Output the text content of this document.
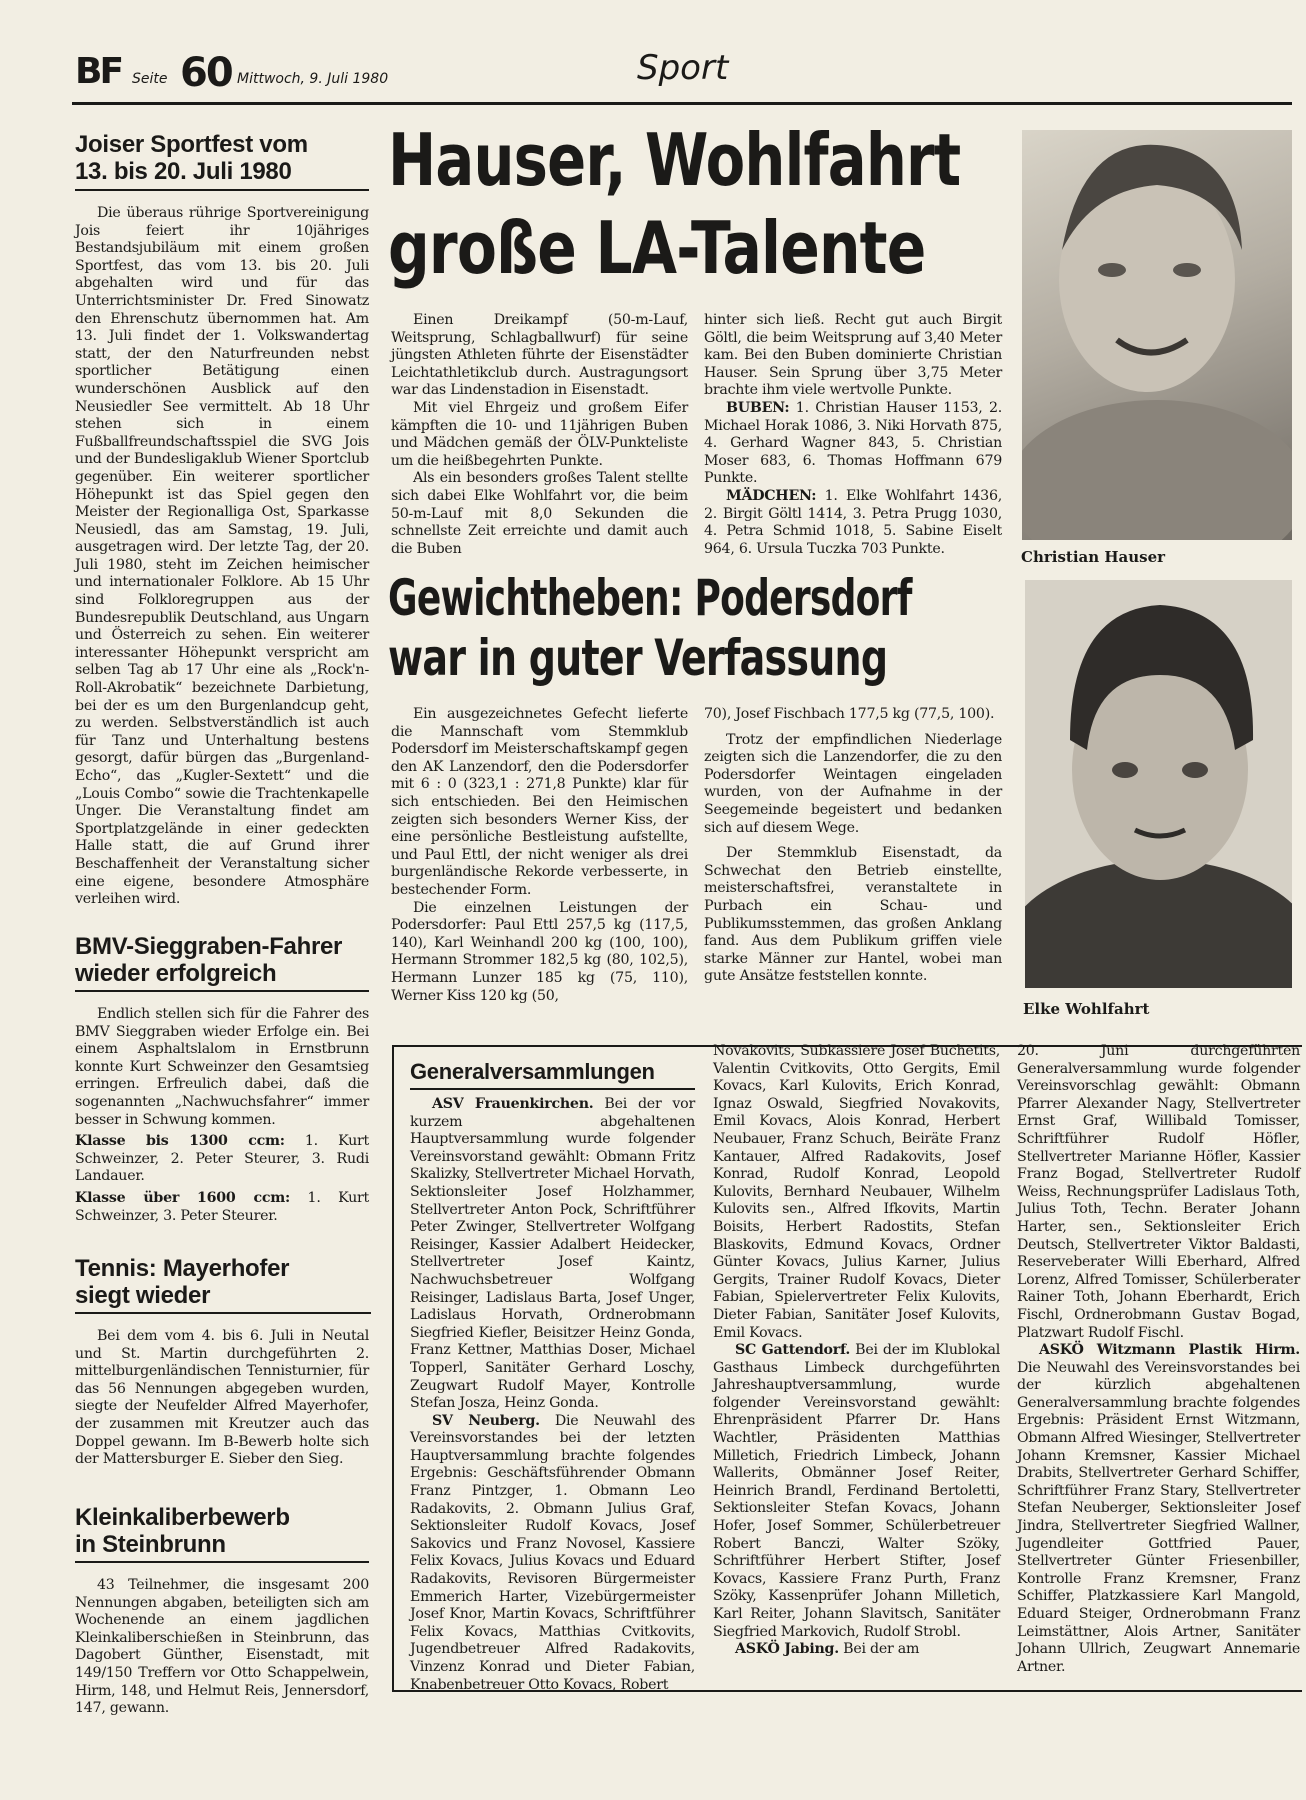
BF Seite 60 Mittwoch, 9. Juli 1980	Sport

Joiser Sportfest vom

13. bis 20. Juli 1980

Die überaus rührige Sportvereinigung Jois feiert ihr 10jähriges Bestandsjubiläum mit einem großen Sportfest, das vom 13. bis 20. Juli abgehalten wird und für das Unterrichtsminister Dr. Fred Sinowatz den Ehrenschutz übernommen hat. Am 13. Juli findet der 1. Volkswandertag statt, der den Naturfreunden nebst sportlicher Betätigung einen wunderschönen Ausblick auf den Neusiedler See vermittelt. Ab 18 Uhr stehen sich in einem Fußballfreundschaftsspiel die SVG Jois und der Bundesligaklub Wiener Sportclub gegenüber. Ein weiterer sportlicher Höhepunkt ist das Spiel gegen den Meister der Regionalliga Ost, Sparkasse Neusiedl, das am Samstag, 19. Juli, ausgetragen wird. Der letzte Tag, der 20. Juli 1980, steht im Zeichen heimischer und internationaler Folklore. Ab 15 Uhr sind Folkloregruppen aus der Bundesrepublik Deutschland, aus Ungarn und Österreich zu sehen. Ein weiterer interessanter Höhepunkt verspricht am selben Tag ab 17 Uhr eine als „Rock'n-Roll-Akrobatik“ bezeichnete Darbietung, bei der es um den Burgenlandcup geht, zu werden. Selbstverständlich ist auch für Tanz und Unterhaltung bestens gesorgt, dafür bürgen das „Burgenland-Echo“, das „Kugler-Sextett“ und die „Louis Combo“ sowie die Trachtenkapelle Unger. Die Veranstaltung findet am Sportplatzgelände in einer gedeckten Halle statt, die auf Grund ihrer Beschaffenheit der Veranstaltung sicher eine eigene, besondere Atmosphäre verleihen wird.

BMV-Sieggraben-Fahrer

wieder erfolgreich

Endlich stellen sich für die Fahrer des BMV Sieggraben wieder Erfolge ein. Bei einem Asphaltslalom in Ernstbrunn konnte Kurt Schweinzer den Gesamtsieg erringen. Erfreulich dabei, daß die sogenannten „Nachwuchsfahrer“ immer besser in Schwung kommen.

Klasse bis 1300 ccm: 1. Kurt Schweinzer, 2. Peter Steurer, 3. Rudi Landauer.

Klasse über 1600 ccm: 1. Kurt Schweinzer, 3. Peter Steurer.

Tennis: Mayerhofer

siegt wieder

Bei dem vom 4. bis 6. Juli in Neutal und St. Martin durchgeführten 2. mittelburgenländischen Tennisturnier, für das 56 Nennungen abgegeben wurden, siegte der Neufelder Alfred Mayerhofer, der zusammen mit Kreutzer auch das Doppel gewann. Im B-Bewerb holte sich der Mattersburger E. Sieber den Sieg.

Kleinkaliberbewerb

in Steinbrunn

43 Teilnehmer, die insgesamt 200 Nennungen abgaben, beteiligten sich am Wochenende an einem jagdlichen Kleinkaliberschießen in Steinbrunn, das Dagobert Günther, Eisenstadt, mit 149/150 Treffern vor Otto Schappelwein, Hirm, 148, und Helmut Reis, Jennersdorf, 147, gewann.

Hauser, Wohlfahrt

große LA-Talente

Einen Dreikampf (50-m-Lauf, Weitsprung, Schlagballwurf) für seine jüngsten Athleten führte der Eisenstädter Leichtathletikclub durch. Austragungsort war das Lindenstadion in Eisenstadt.

Mit viel Ehrgeiz und großem Eifer kämpften die 10- und 11jährigen Buben und Mädchen gemäß der ÖLV-Punkteliste um die heißbegehrten Punkte.

Als ein besonders großes Talent stellte sich dabei Elke Wohlfahrt vor, die beim 50-m-Lauf mit 8,0 Sekunden die schnellste Zeit erreichte und damit auch die Buben

hinter sich ließ. Recht gut auch Birgit Göltl, die beim Weitsprung auf 3,40 Meter kam. Bei den Buben dominierte Christian Hauser. Sein Sprung über 3,75 Meter brachte ihm viele wertvolle Punkte.

BUBEN: 1. Christian Hauser 1153, 2. Michael Horak 1086, 3. Niki Horvath 875, 4. Gerhard Wagner 843, 5. Christian Moser 683, 6. Thomas Hoffmann 679 Punkte.

MÄDCHEN: 1. Elke Wohlfahrt 1436, 2. Birgit Göltl 1414, 3. Petra Prugg 1030, 4. Petra Schmid 1018, 5. Sabine Eiselt 964, 6. Ursula Tuczka 703 Punkte.

Gewichtheben: Podersdorf

war in guter Verfassung

Ein ausgezeichnetes Gefecht lieferte die Mannschaft vom Stemmklub Podersdorf im Meisterschaftskampf gegen den AK Lanzendorf, den die Podersdorfer mit 6 : 0 (323,1 : 271,8 Punkte) klar für sich entschieden. Bei den Heimischen zeigten sich besonders Werner Kiss, der eine persönliche Bestleistung aufstellte, und Paul Ettl, der nicht weniger als drei burgenländische Rekorde verbesserte, in bestechender Form.

Die einzelnen Leistungen der Podersdorfer: Paul Ettl 257,5 kg (117,5, 140), Karl Weinhandl 200 kg (100, 100), Hermann Strommer 182,5 kg (80, 102,5), Hermann Lunzer 185 kg (75, 110), Werner Kiss 120 kg (50,

70), Josef Fischbach 177,5 kg (77,5, 100).

Trotz der empfindlichen Niederlage zeigten sich die Lanzendorfer, die zu den Podersdorfer Weintagen eingeladen wurden, von der Aufnahme in der Seegemeinde begeistert und bedanken sich auf diesem Wege.

Der Stemmklub Eisenstadt, da Schwechat den Betrieb einstellte, meisterschaftsfrei, veranstaltete in Purbach ein Schau- und Publikumsstemmen, das großen Anklang fand. Aus dem Publikum griffen viele starke Männer zur Hantel, wobei man gute Ansätze feststellen konnte.

Christian Hauser
Elke Wohlfahrt

Generalversammlungen

ASV Frauenkirchen. Bei der vor kurzem abgehaltenen Hauptversammlung wurde folgender Vereinsvorstand gewählt: Obmann Fritz Skalizky, Stellvertreter Michael Horvath, Sektionsleiter Josef Holzhammer, Stellvertreter Anton Pock, Schriftführer Peter Zwinger, Stellvertreter Wolfgang Reisinger, Kassier Adalbert Heidecker, Stellvertreter Josef Kaintz, Nachwuchsbetreuer Wolfgang Reisinger, Ladislaus Barta, Josef Unger, Ladislaus Horvath, Ordnerobmann Siegfried Kiefler, Beisitzer Heinz Gonda, Franz Kettner, Matthias Doser, Michael Topperl, Sanitäter Gerhard Loschy, Zeugwart Rudolf Mayer, Kontrolle Stefan Josza, Heinz Gonda.

SV Neuberg. Die Neuwahl des Vereinsvorstandes bei der letzten Hauptversammlung brachte folgendes Ergebnis: Geschäftsführender Obmann Franz Pintzger, 1. Obmann Leo Radakovits, 2. Obmann Julius Graf, Sektionsleiter Rudolf Kovacs, Josef Sakovics und Franz Novosel, Kassiere Felix Kovacs, Julius Kovacs und Eduard Radakovits, Revisoren Bürgermeister Emmerich Harter, Vizebürgermeister Josef Knor, Martin Kovacs, Schriftführer Felix Kovacs, Matthias Cvitkovits, Jugendbetreuer Alfred Radakovits, Vinzenz Konrad und Dieter Fabian, Knabenbetreuer Otto Kovacs, Robert

Novakovits, Subkassiere Josef Buchetits, Valentin Cvitkovits, Otto Gergits, Emil Kovacs, Karl Kulovits, Erich Konrad, Ignaz Oswald, Siegfried Novakovits, Emil Kovacs, Alois Konrad, Herbert Neubauer, Franz Schuch, Beiräte Franz Kantauer, Alfred Radakovits, Josef Konrad, Rudolf Konrad, Leopold Kulovits, Bernhard Neubauer, Wilhelm Kulovits sen., Alfred Ifkovits, Martin Boisits, Herbert Radostits, Stefan Blaskovits, Edmund Kovacs, Ordner Günter Kovacs, Julius Karner, Julius Gergits, Trainer Rudolf Kovacs, Dieter Fabian, Spielervertreter Felix Kulovits, Dieter Fabian, Sanitäter Josef Kulovits, Emil Kovacs.

SC Gattendorf. Bei der im Klublokal Gasthaus Limbeck durchgeführten Jahreshauptversammlung, wurde folgender Vereinsvorstand gewählt: Ehrenpräsident Pfarrer Dr. Hans Wachtler, Präsidenten Matthias Milletich, Friedrich Limbeck, Johann Wallerits, Obmänner Josef Reiter, Heinrich Brandl, Ferdinand Bertoletti, Sektionsleiter Stefan Kovacs, Johann Hofer, Josef Sommer, Schülerbetreuer Robert Banczi, Walter Szöky, Schriftführer Herbert Stifter, Josef Kovacs, Kassiere Franz Purth, Franz Szöky, Kassenprüfer Johann Milletich, Karl Reiter, Johann Slavitsch, Sanitäter Siegfried Markovich, Rudolf Strobl.

ASKÖ Jabing. Bei der am

20. Juni durchgeführten Generalversammlung wurde folgender Vereinsvorschlag gewählt: Obmann Pfarrer Alexander Nagy, Stellvertreter Ernst Graf, Willibald Tomisser, Schriftführer Rudolf Höfler, Stellvertreter Marianne Höfler, Kassier Franz Bogad, Stellvertreter Rudolf Weiss, Rechnungsprüfer Ladislaus Toth, Julius Toth, Techn. Berater Johann Harter, sen., Sektionsleiter Erich Deutsch, Stellvertreter Viktor Baldasti, Reserveberater Willi Eberhard, Alfred Lorenz, Alfred Tomisser, Schülerberater Rainer Toth, Johann Eberhardt, Erich Fischl, Ordnerobmann Gustav Bogad, Platzwart Rudolf Fischl.

ASKÖ Witzmann Plastik Hirm. Die Neuwahl des Vereinsvorstandes bei der kürzlich abgehaltenen Generalversammlung brachte folgendes Ergebnis: Präsident Ernst Witzmann, Obmann Alfred Wiesinger, Stellvertreter Johann Kremsner, Kassier Michael Drabits, Stellvertreter Gerhard Schiffer, Schriftführer Franz Stary, Stellvertreter Stefan Neuberger, Sektionsleiter Josef Jindra, Stellvertreter Siegfried Wallner, Jugendleiter Gottfried Pauer, Stellvertreter Günter Friesenbiller, Kontrolle Franz Kremsner, Franz Schiffer, Platzkassiere Karl Mangold, Eduard Steiger, Ordnerobmann Franz Leimstättner, Alois Artner, Sanitäter Johann Ullrich, Zeugwart Annemarie Artner.
